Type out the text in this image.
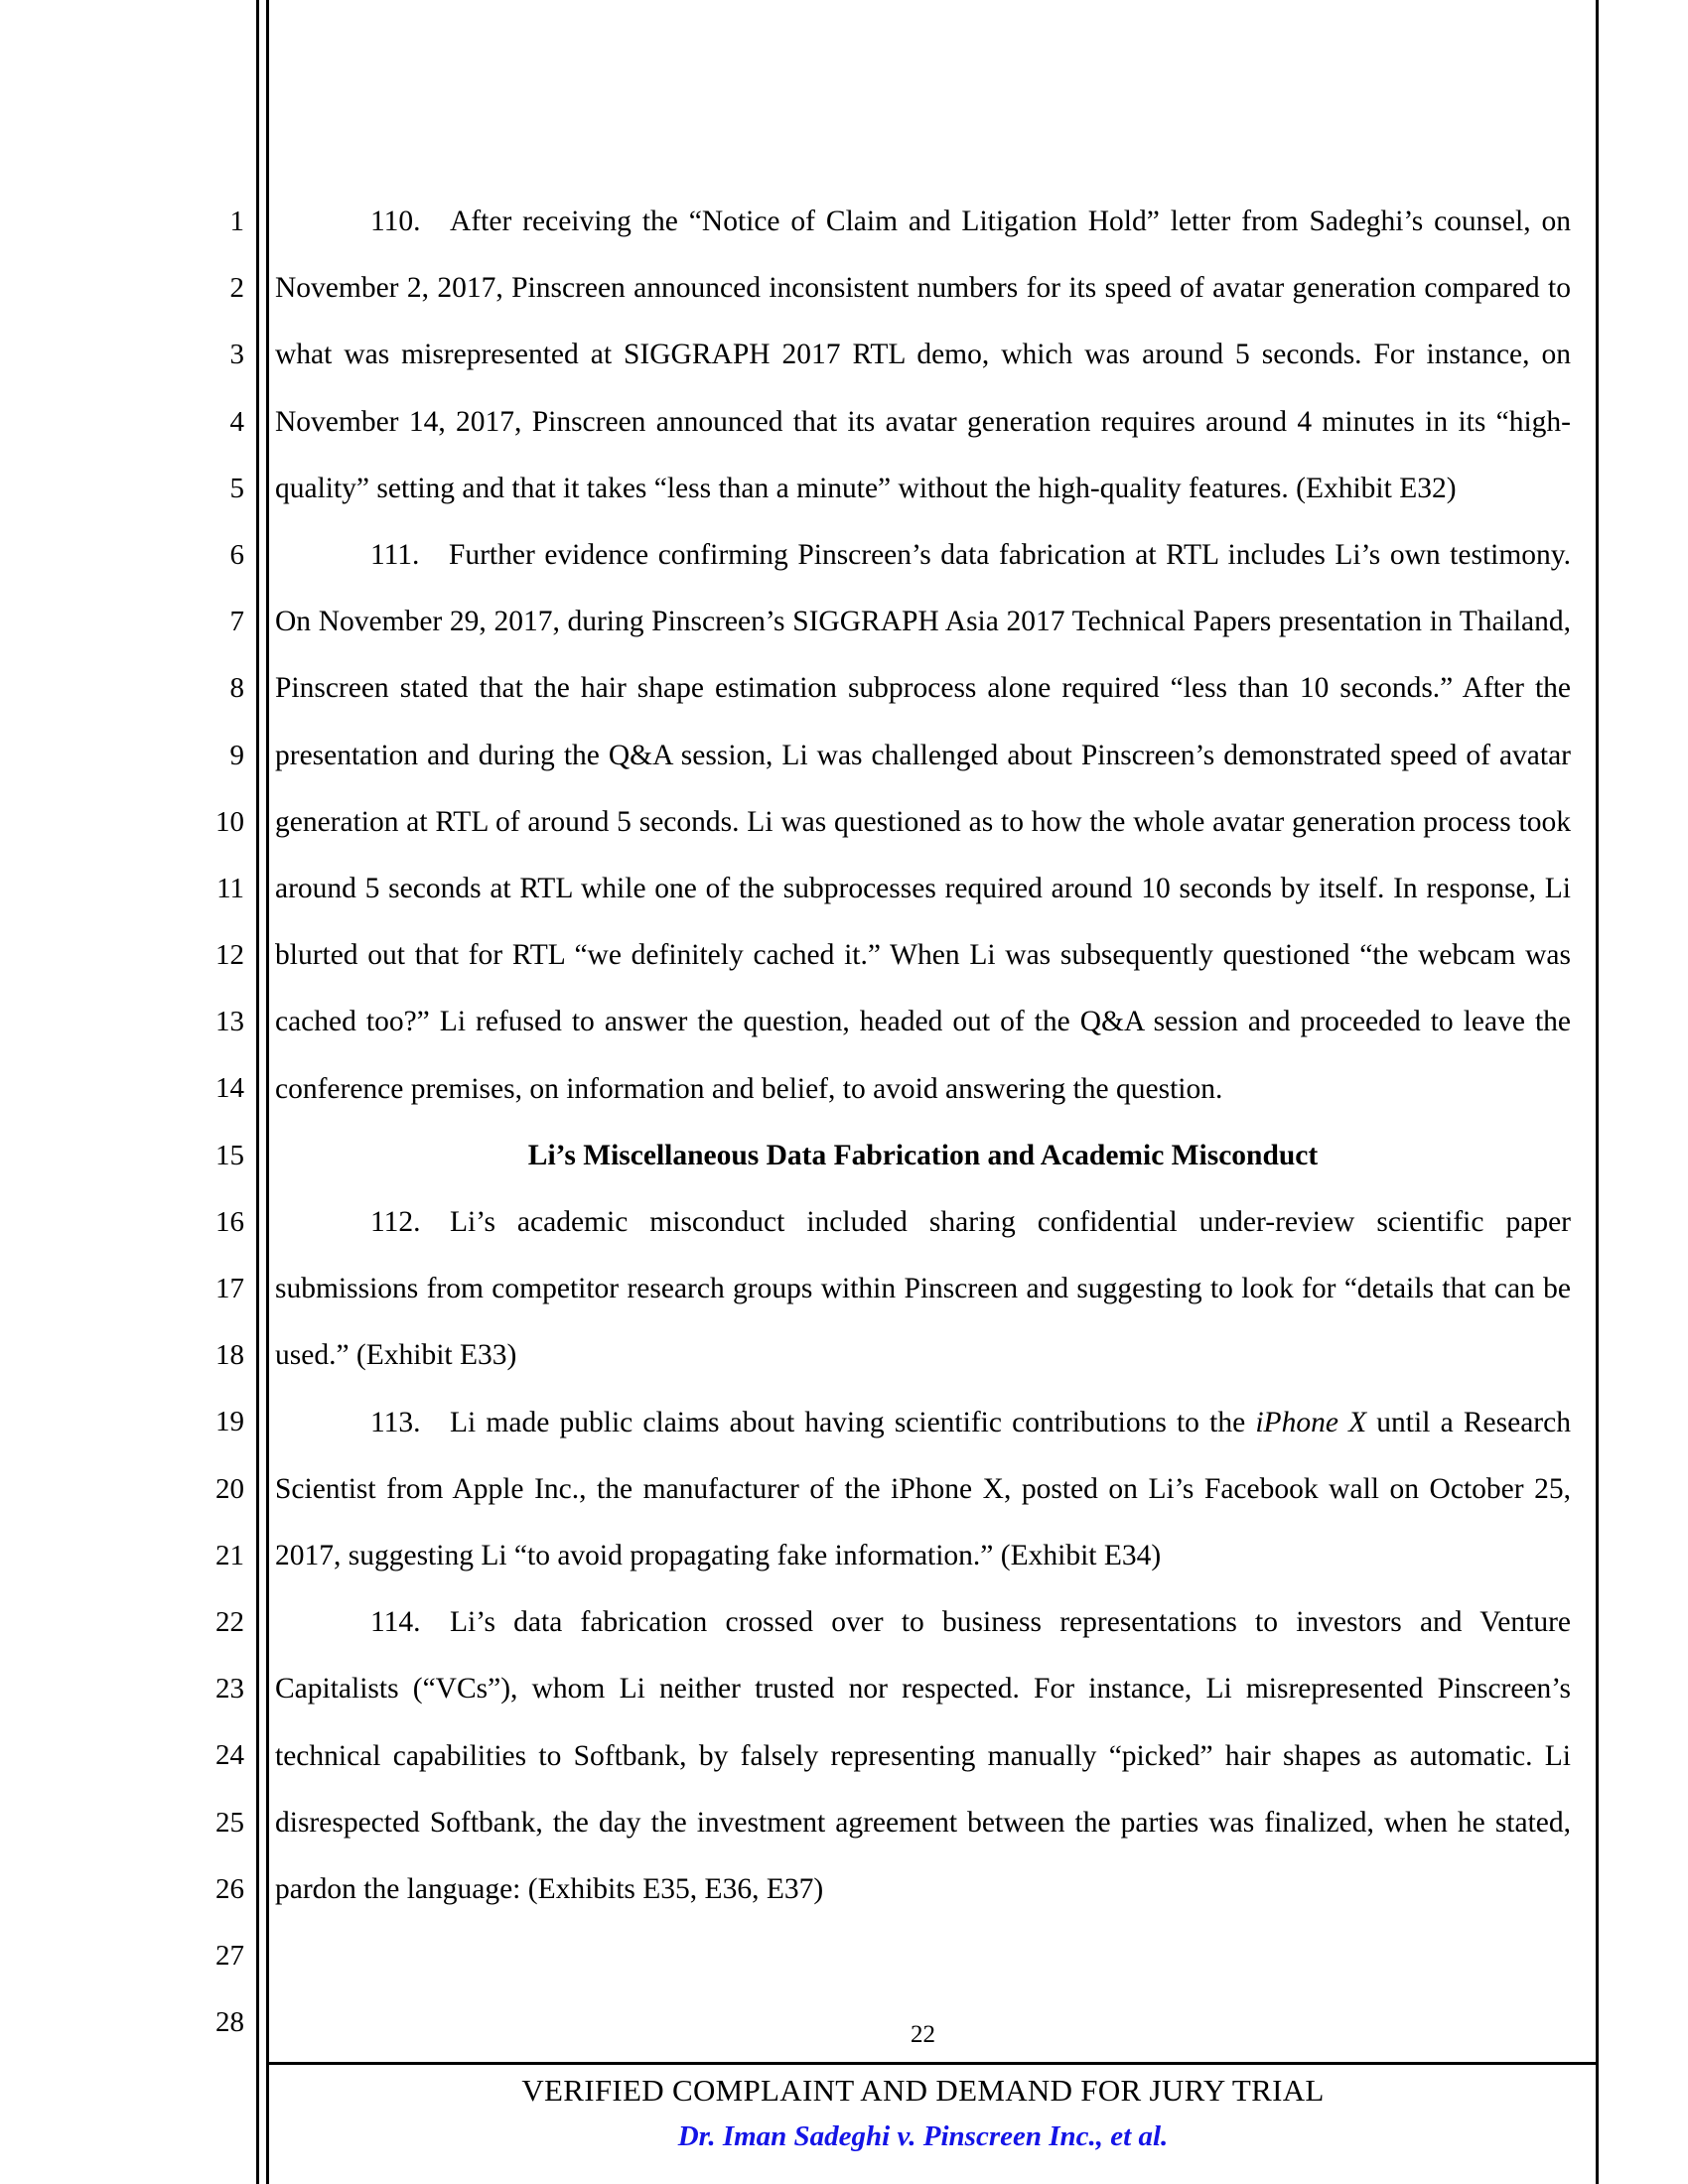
1
2
3
4
5
6
7
8
9
10
11
12
13
14
15
16
17
18
19
20
21
22
23
24
25
26
27
28

110. After receiving the “Notice of Claim and Litigation Hold” letter from Sadeghi’s counsel, on November 2, 2017, Pinscreen announced inconsistent numbers for its speed of avatar generation compared to what was misrepresented at SIGGRAPH 2017 RTL demo, which was around 5 seconds. For instance, on November 14, 2017, Pinscreen announced that its avatar generation requires around 4 minutes in its “high-quality” setting and that it takes “less than a minute” without the high-quality features. (Exhibit E32)

111. Further evidence confirming Pinscreen’s data fabrication at RTL includes Li’s own testimony. On November 29, 2017, during Pinscreen’s SIGGRAPH Asia 2017 Technical Papers presentation in Thailand, Pinscreen stated that the hair shape estimation subprocess alone required “less than 10 seconds.” After the presentation and during the Q&A session, Li was challenged about Pinscreen’s demonstrated speed of avatar generation at RTL of around 5 seconds. Li was questioned as to how the whole avatar generation process took around 5 seconds at RTL while one of the subprocesses required around 10 seconds by itself. In response, Li blurted out that for RTL “we definitely cached it.” When Li was subsequently questioned “the webcam was cached too?” Li refused to answer the question, headed out of the Q&A session and proceeded to leave the conference premises, on information and belief, to avoid answering the question.

Li’s Miscellaneous Data Fabrication and Academic Misconduct

112. Li’s academic misconduct included sharing confidential under-review scientific paper submissions from competitor research groups within Pinscreen and suggesting to look for “details that can be used.” (Exhibit E33)

113. Li made public claims about having scientific contributions to the iPhone X until a Research Scientist from Apple Inc., the manufacturer of the iPhone X, posted on Li’s Facebook wall on October 25, 2017, suggesting Li “to avoid propagating fake information.” (Exhibit E34)

114. Li’s data fabrication crossed over to business representations to investors and Venture Capitalists (“VCs”), whom Li neither trusted nor respected. For instance, Li misrepresented Pinscreen’s technical capabilities to Softbank, by falsely representing manually “picked” hair shapes as automatic. Li disrespected Softbank, the day the investment agreement between the parties was finalized, when he stated, pardon the language: (Exhibits E35, E36, E37)

22
VERIFIED COMPLAINT AND DEMAND FOR JURY TRIAL
Dr. Iman Sadeghi v. Pinscreen Inc., et al.
